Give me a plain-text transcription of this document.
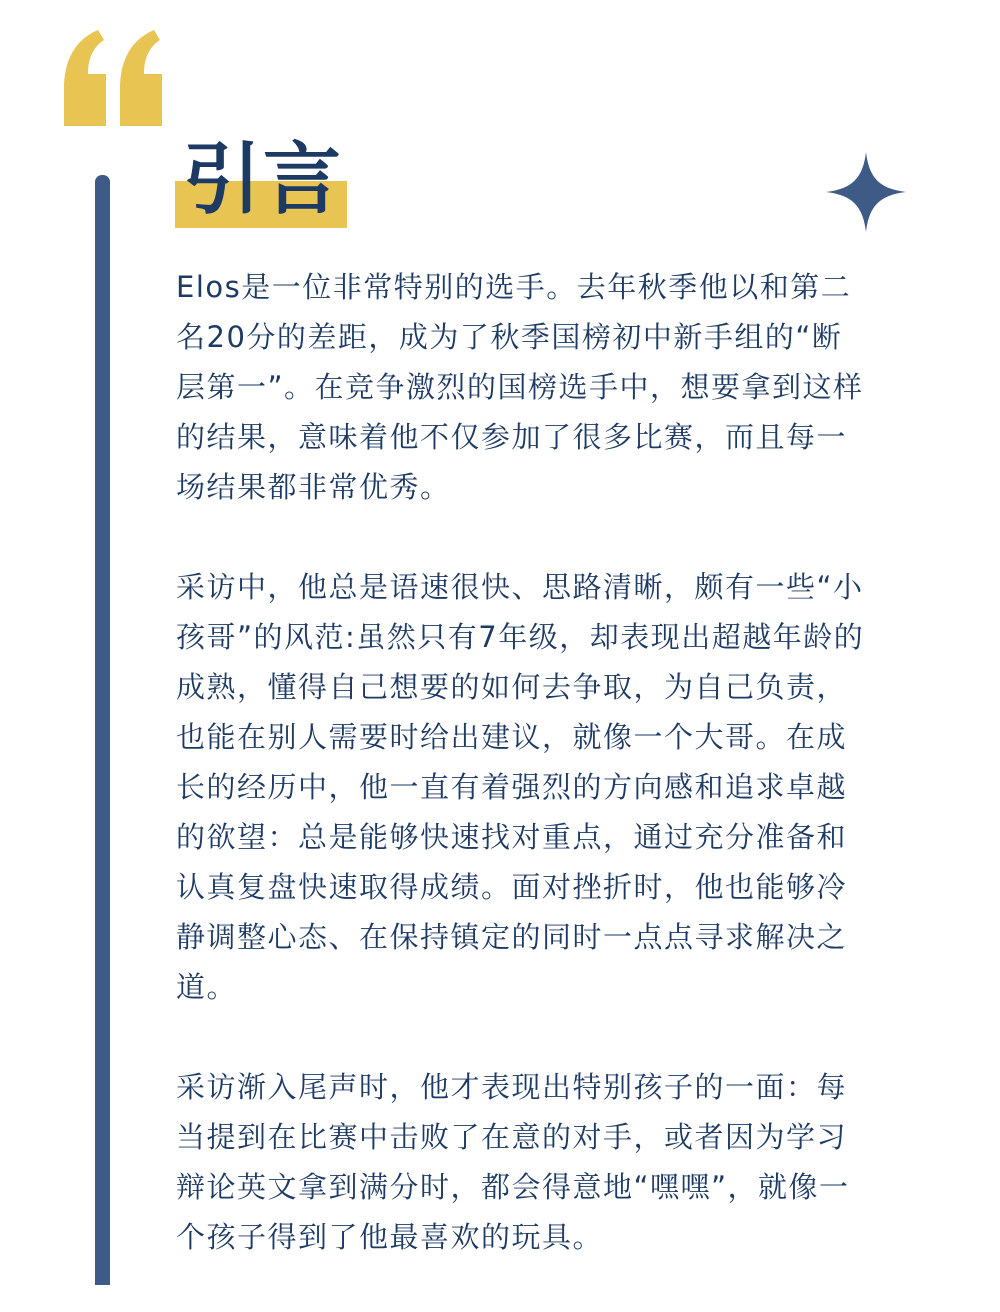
引言

Elos是一位非常特别的选手。去年秋季他以和第二名20分的差距，成为了秋季国榜初中新手组的“断层第一”。在竞争激烈的国榜选手中，想要拿到这样的结果，意味着他不仅参加了很多比赛，而且每一场结果都非常优秀。

采访中，他总是语速很快、思路清晰，颇有一些“小孩哥”的风范:虽然只有7年级，却表现出超越年龄的成熟，懂得自己想要的如何去争取，为自己负责，也能在别人需要时给出建议，就像一个大哥。在成长的经历中，他一直有着强烈的方向感和追求卓越的欲望：总是能够快速找对重点，通过充分准备和认真复盘快速取得成绩。面对挫折时，他也能够冷静调整心态、在保持镇定的同时一点点寻求解决之道。

采访渐入尾声时，他才表现出特别孩子的一面：每当提到在比赛中击败了在意的对手，或者因为学习辩论英文拿到满分时，都会得意地“嘿嘿”，就像一个孩子得到了他最喜欢的玩具。
